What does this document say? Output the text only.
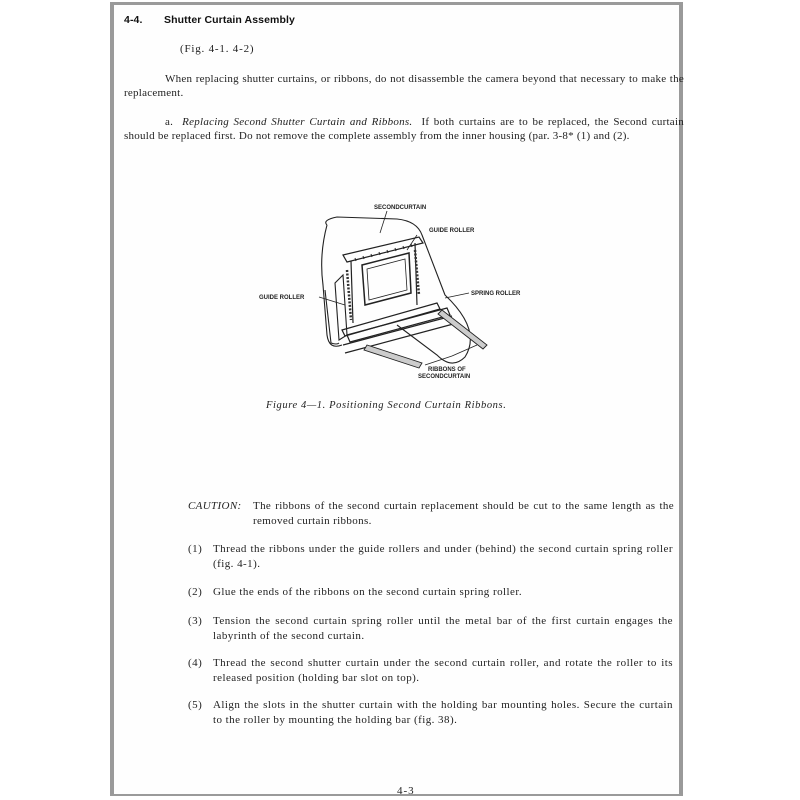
4-4. Shutter Curtain Assembly
(Fig. 4-1. 4-2)
When replacing shutter curtains, or ribbons, do not disassemble the camera beyond that necessary to make the replacement.
a. Replacing Second Shutter Curtain and Ribbons. If both curtains are to be replaced, the Second curtain should be replaced first. Do not remove the complete assembly from the inner housing (par. 3-8* (1) and (2).
SECONDCURTAIN
GUIDE ROLLER
GUIDE ROLLER
SPRING ROLLER
RIBBONS OF
SECONDCURTAIN
Figure 4—1. Positioning Second Curtain Ribbons.
CAUTION: The ribbons of the second curtain replacement should be cut to the same length as the removed curtain ribbons.
(1) Thread the ribbons under the guide rollers and under (behind) the second curtain spring roller (fig. 4-1).
(2) Glue the ends of the ribbons on the second curtain spring roller.
(3) Tension the second curtain spring roller until the metal bar of the first curtain engages the labyrinth of the second curtain.
(4) Thread the second shutter curtain under the second curtain roller, and rotate the roller to its released position (holding bar slot on top).
(5) Align the slots in the shutter curtain with the holding bar mounting holes. Secure the curtain to the roller by mounting the holding bar (fig. 38).
4-3
